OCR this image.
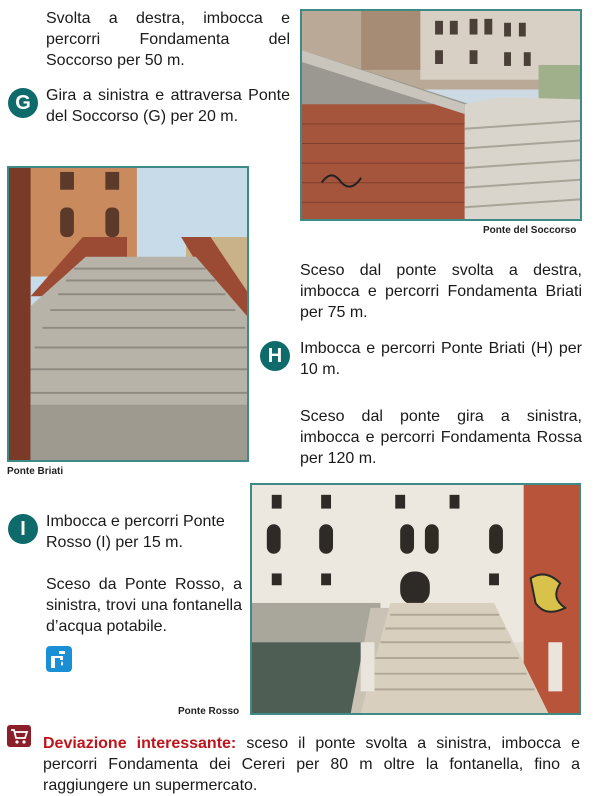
Svolta a destra, imbocca e percorri Fondamenta del Soccorso per 50 m.
G Gira a sinistra e attraversa Ponte del Soccorso (G) per 20 m.
Ponte del Soccorso
Ponte Briati
Sceso dal ponte svolta a destra, imbocca e percorri Fondamenta Briati per 75 m.
H	Imbocca e percorri Ponte Briati (H) per 10 m.
Sceso dal ponte gira a sinistra, imbocca e percorri Fondamenta Rossa per 120 m.
I	Imbocca e percorri Ponte Rosso (I) per 15 m.
Sceso da Ponte Rosso, a sinistra, trovi una fontanella d’acqua potabile.
Ponte Rosso
Deviazione interessante: sceso il ponte svolta a sinistra, imbocca e percorri Fondamenta dei Cereri per 80 m oltre la fontanella, fino a raggiungere un supermercato.
